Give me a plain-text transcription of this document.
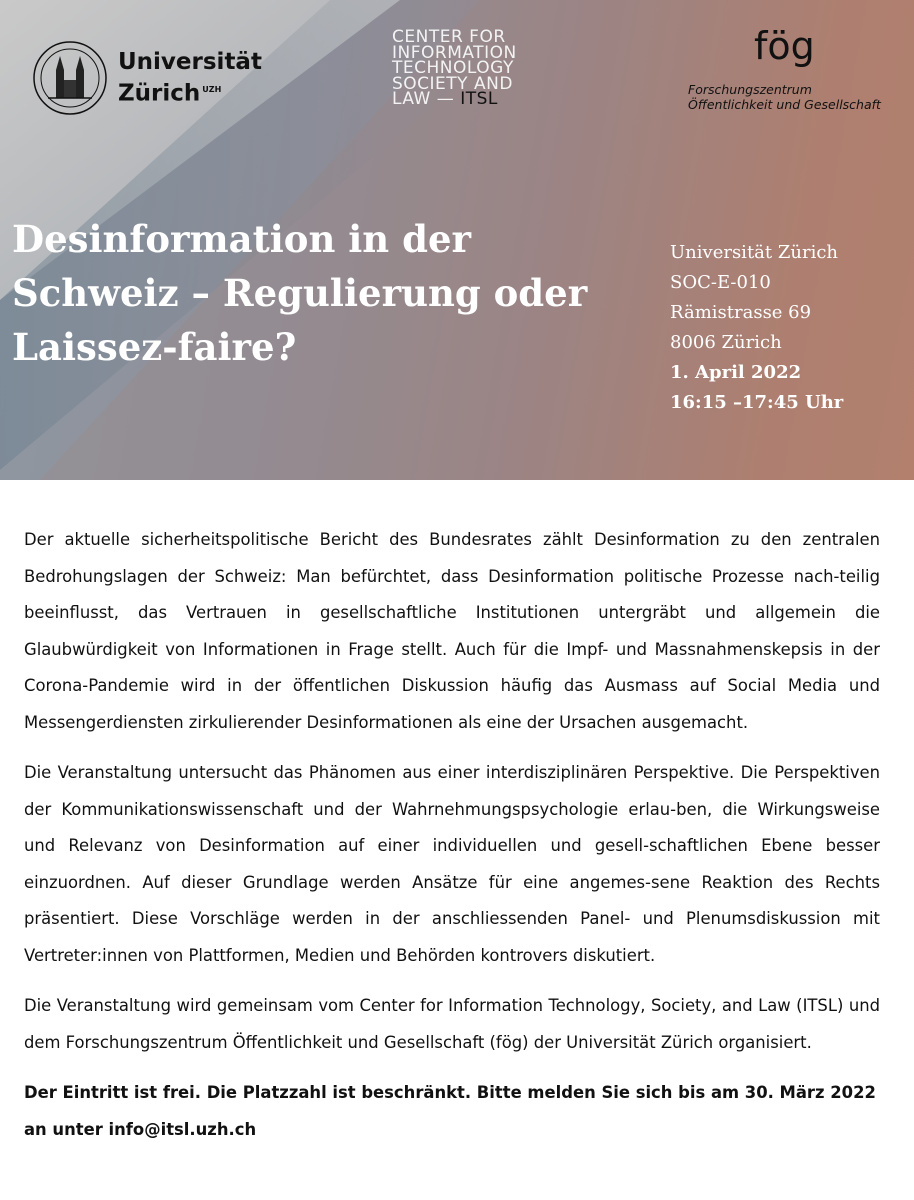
Universität
Zürich $^{UZH}$
CENTER FOR
INFORMATION
TECHNOLOGY
SOCIETY AND
LAW — ITSL
fög
Forschungszentrum
Öffentlichkeit und Gesellschaft
Desinformation in der
Schweiz – Regulierung oder
Laissez-faire?
Universität Zürich
SOC-E-010
Rämistrasse 69
8006 Zürich
1. April 2022
16:15 –17:45 Uhr

Der aktuelle sicherheitspolitische Bericht des Bundesrates zählt Desinformation zu den zentralen Bedrohungslagen der Schweiz: Man befürchtet, dass Desinformation politische Prozesse nach-teilig beeinflusst, das Vertrauen in gesellschaftliche Institutionen untergräbt und allgemein die Glaubwürdigkeit von Informationen in Frage stellt. Auch für die Impf- und Massnahmenskepsis in der Corona-Pandemie wird in der öffentlichen Diskussion häufig das Ausmass auf Social Media und Messengerdiensten zirkulierender Desinformationen als eine der Ursachen ausgemacht.

Die Veranstaltung untersucht das Phänomen aus einer interdisziplinären Perspektive. Die Perspektiven der Kommunikationswissenschaft und der Wahrnehmungspsychologie erlau-ben, die Wirkungsweise und Relevanz von Desinformation auf einer individuellen und gesell-schaftlichen Ebene besser einzuordnen. Auf dieser Grundlage werden Ansätze für eine angemes-sene Reaktion des Rechts präsentiert. Diese Vorschläge werden in der anschliessenden Panel- und Plenumsdiskussion mit Vertreter:innen von Plattformen, Medien und Behörden kontrovers diskutiert.

Die Veranstaltung wird gemeinsam vom Center for Information Technology, Society, and Law (ITSL) und dem Forschungszentrum Öffentlichkeit und Gesellschaft (fög) der Universität Zürich organisiert.

Der Eintritt ist frei. Die Platzzahl ist beschränkt. Bitte melden Sie sich bis am 30. März 2022 an unter info@itsl.uzh.ch
